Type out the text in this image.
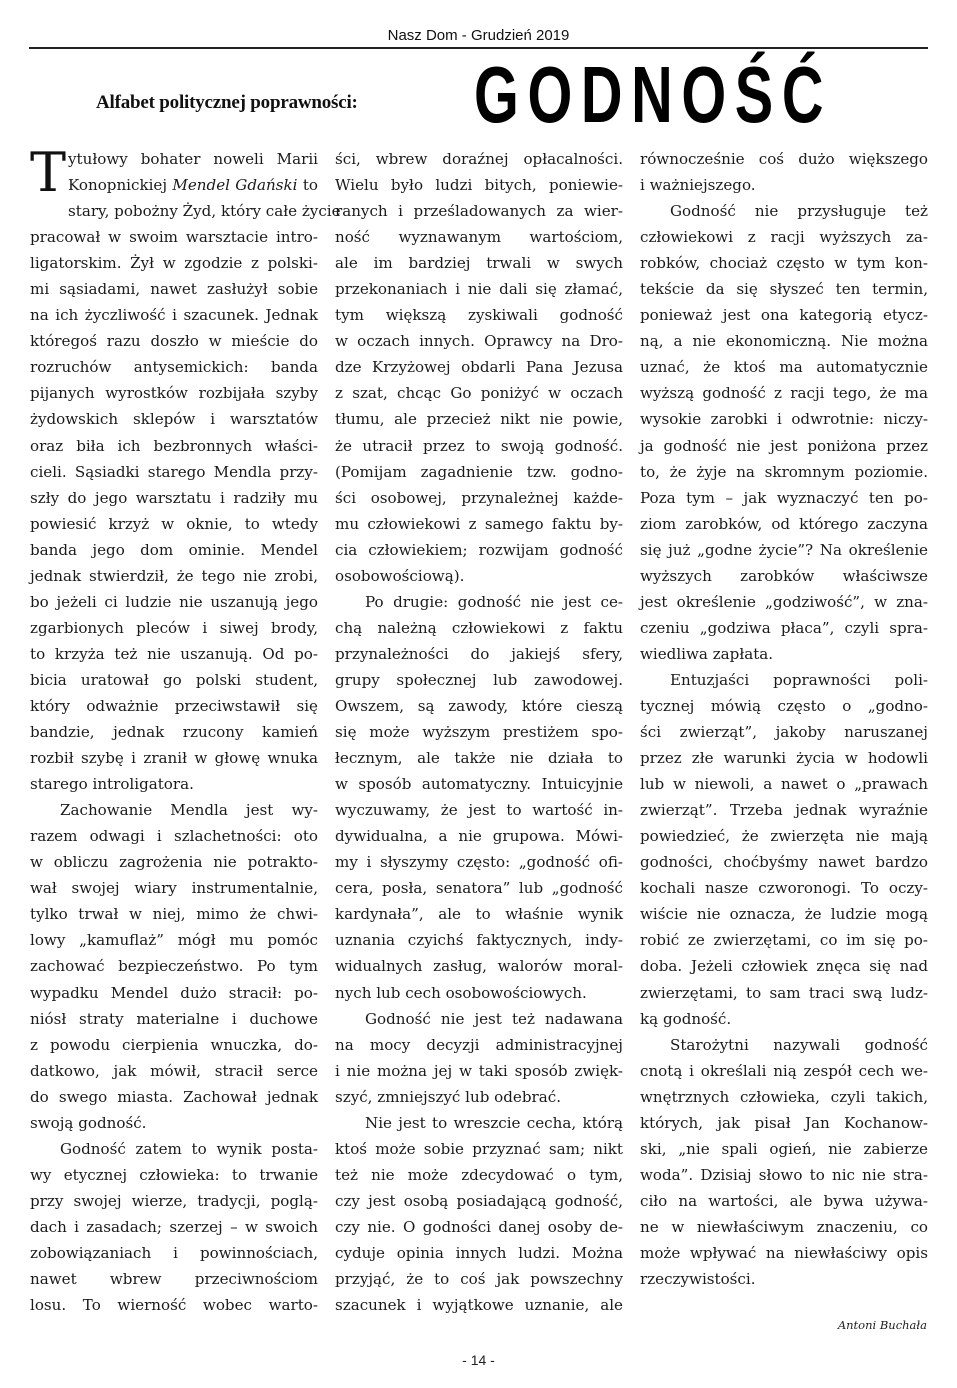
Nasz Dom - Grudzień 2019
Alfabet politycznej poprawności: GODNOŚĆ
T ytułowy bohater noweli Marii
Konopnickiej Mendel Gdański to
stary, pobożny Żyd, który całe życie
pracował w swoim warsztacie intro-
ligatorskim. Żył w zgodzie z polski-
mi sąsiadami, nawet zasłużył sobie
na ich życzliwość i szacunek. Jednak
któregoś razu doszło w mieście do
rozruchów antysemickich: banda
pijanych wyrostków rozbijała szyby
żydowskich sklepów i warsztatów
oraz biła ich bezbronnych właści-
cieli. Sąsiadki starego Mendla przy-
szły do jego warsztatu i radziły mu
powiesić krzyż w oknie, to wtedy
banda jego dom ominie. Mendel
jednak stwierdził, że tego nie zrobi,
bo jeżeli ci ludzie nie uszanują jego
zgarbionych pleców i siwej brody,
to krzyża też nie uszanują. Od po-
bicia uratował go polski student,
który odważnie przeciwstawił się
bandzie, jednak rzucony kamień
rozbił szybę i zranił w głowę wnuka
starego introligatora.
Zachowanie Mendla jest wy-
razem odwagi i szlachetności: oto
w obliczu zagrożenia nie potrakto-
wał swojej wiary instrumentalnie,
tylko trwał w niej, mimo że chwi-
lowy „kamuflaż” mógł mu pomóc
zachować bezpieczeństwo. Po tym
wypadku Mendel dużo stracił: po-
niósł straty materialne i duchowe
z powodu cierpienia wnuczka, do-
datkowo, jak mówił, stracił serce
do swego miasta. Zachował jednak
swoją godność.
Godność zatem to wynik posta-
wy etycznej człowieka: to trwanie
przy swojej wierze, tradycji, poglą-
dach i zasadach; szerzej – w swoich
zobowiązaniach i powinnościach,
nawet wbrew przeciwnościom
losu. To wierność wobec warto-
ści, wbrew doraźnej opłacalności.
Wielu było ludzi bitych, poniewie-
ranych i prześladowanych za wier-
ność wyznawanym wartościom,
ale im bardziej trwali w swych
przekonaniach i nie dali się złamać,
tym większą zyskiwali godność
w oczach innych. Oprawcy na Dro-
dze Krzyżowej obdarli Pana Jezusa
z szat, chcąc Go poniżyć w oczach
tłumu, ale przecież nikt nie powie,
że utracił przez to swoją godność.
(Pomijam zagadnienie tzw. godno-
ści osobowej, przynależnej każde-
mu człowiekowi z samego faktu by-
cia człowiekiem; rozwijam godność
osobowościową).
Po drugie: godność nie jest ce-
chą należną człowiekowi z faktu
przynależności do jakiejś sfery,
grupy społecznej lub zawodowej.
Owszem, są zawody, które cieszą
się może wyższym prestiżem spo-
łecznym, ale także nie działa to
w sposób automatyczny. Intuicyjnie
wyczuwamy, że jest to wartość in-
dywidualna, a nie grupowa. Mówi-
my i słyszymy często: „godność ofi-
cera, posła, senatora” lub „godność
kardynała”, ale to właśnie wynik
uznania czyichś faktycznych, indy-
widualnych zasług, walorów moral-
nych lub cech osobowościowych.
Godność nie jest też nadawana
na mocy decyzji administracyjnej
i nie można jej w taki sposób zwięk-
szyć, zmniejszyć lub odebrać.
Nie jest to wreszcie cecha, którą
ktoś może sobie przyznać sam; nikt
też nie może zdecydować o tym,
czy jest osobą posiadającą godność,
czy nie. O godności danej osoby de-
cyduje opinia innych ludzi. Można
przyjąć, że to coś jak powszechny
szacunek i wyjątkowe uznanie, ale
równocześnie coś dużo większego
i ważniejszego.
Godność nie przysługuje też
człowiekowi z racji wyższych za-
robków, chociaż często w tym kon-
tekście da się słyszeć ten termin,
ponieważ jest ona kategorią etycz-
ną, a nie ekonomiczną. Nie można
uznać, że ktoś ma automatycznie
wyższą godność z racji tego, że ma
wysokie zarobki i odwrotnie: niczy-
ja godność nie jest poniżona przez
to, że żyje na skromnym poziomie.
Poza tym – jak wyznaczyć ten po-
ziom zarobków, od którego zaczyna
się już „godne życie”? Na określenie
wyższych zarobków właściwsze
jest określenie „godziwość”, w zna-
czeniu „godziwa płaca”, czyli spra-
wiedliwa zapłata.
Entuzjaści poprawności poli-
tycznej mówią często o „godno-
ści zwierząt”, jakoby naruszanej
przez złe warunki życia w hodowli
lub w niewoli, a nawet o „prawach
zwierząt”. Trzeba jednak wyraźnie
powiedzieć, że zwierzęta nie mają
godności, choćbyśmy nawet bardzo
kochali nasze czworonogi. To oczy-
wiście nie oznacza, że ludzie mogą
robić ze zwierzętami, co im się po-
doba. Jeżeli człowiek znęca się nad
zwierzętami, to sam traci swą ludz-
ką godność.
Starożytni nazywali godność
cnotą i określali nią zespół cech we-
wnętrznych człowieka, czyli takich,
których, jak pisał Jan Kochanow-
ski, „nie spali ogień, nie zabierze
woda”. Dzisiaj słowo to nic nie stra-
ciło na wartości, ale bywa używa-
ne w niewłaściwym znaczeniu, co
może wpływać na niewłaściwy opis
rzeczywistości.
Antoni Buchała
- 14 -
